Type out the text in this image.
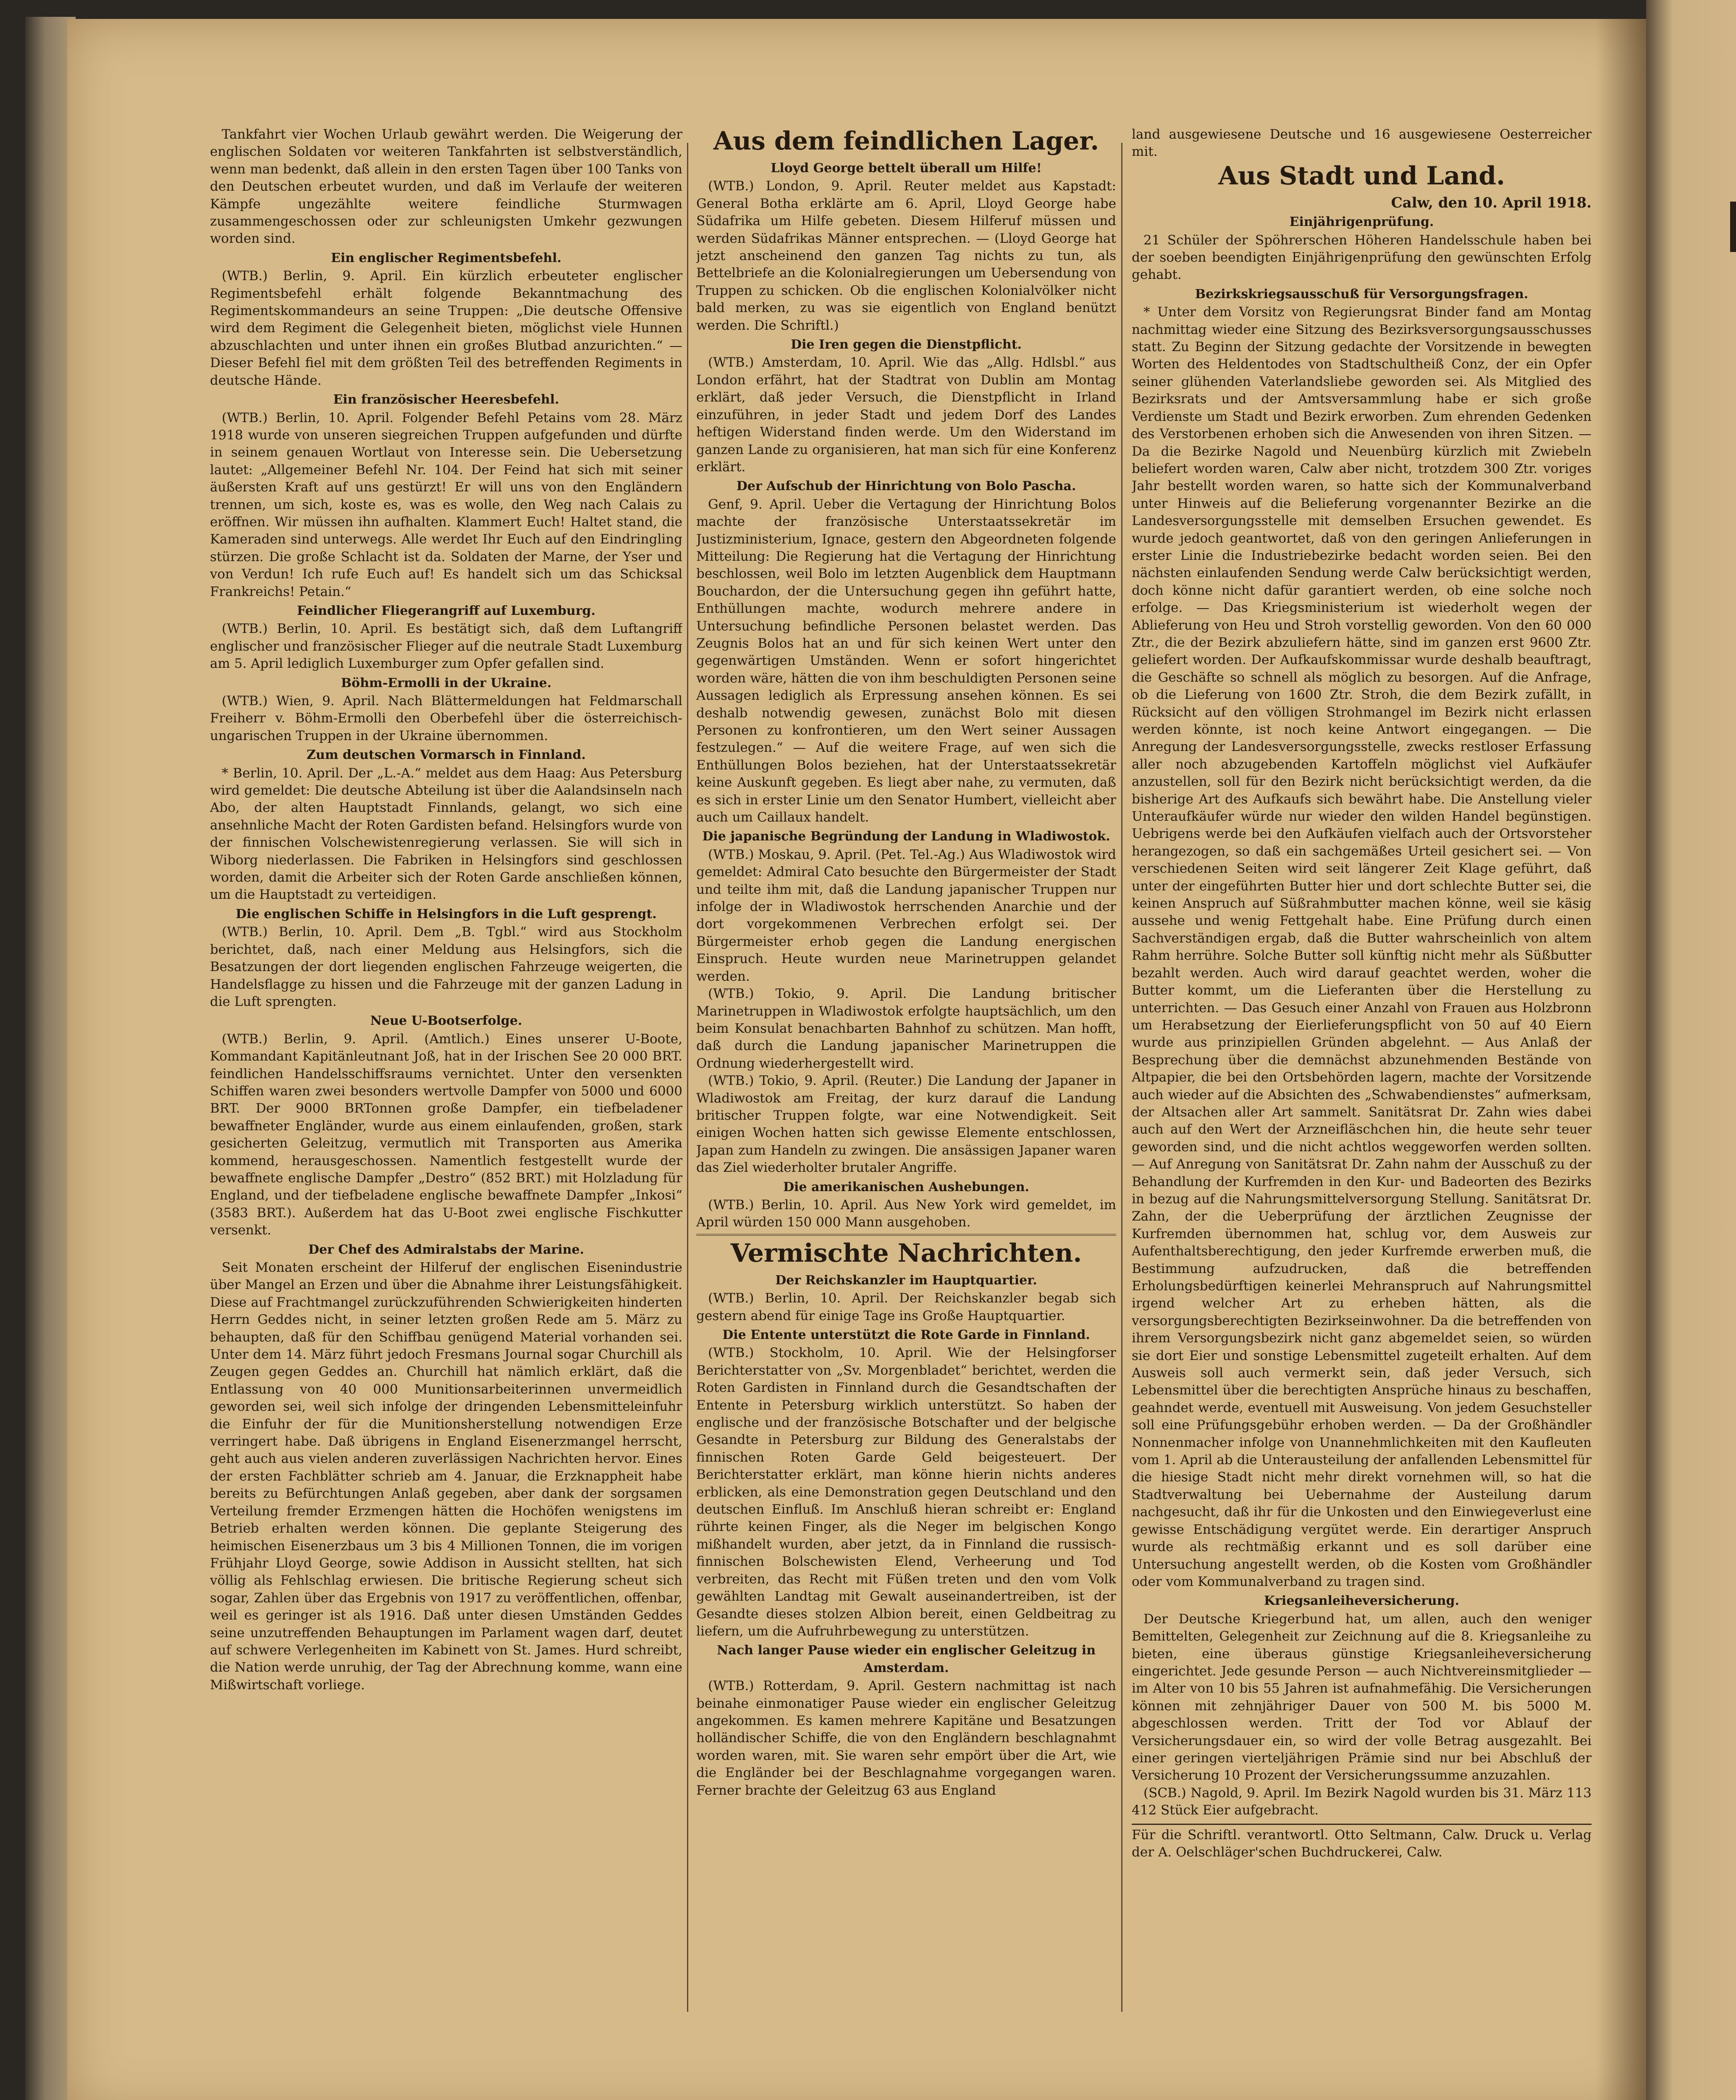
Tankfahrt vier Wochen Urlaub gewährt werden. Die Weigerung der englischen Soldaten vor weiteren Tankfahrten ist selbstverständlich, wenn man bedenkt, daß allein in den ersten Tagen über 100 Tanks von den Deutschen erbeutet wurden, und daß im Verlaufe der weiteren Kämpfe ungezählte weitere feindliche Sturmwagen zusammengeschossen oder zur schleunigsten Umkehr gezwungen worden sind.

Ein englischer Regimentsbefehl.

(WTB.) Berlin, 9. April. Ein kürzlich erbeuteter englischer Regimentsbefehl erhält folgende Bekanntmachung des Regimentskommandeurs an seine Truppen: „Die deutsche Offensive wird dem Regiment die Gelegenheit bieten, möglichst viele Hunnen abzuschlachten und unter ihnen ein großes Blutbad anzurichten.“ — Dieser Befehl fiel mit dem größten Teil des betreffenden Regiments in deutsche Hände.

Ein französischer Heeresbefehl.

(WTB.) Berlin, 10. April. Folgender Befehl Petains vom 28. März 1918 wurde von unseren siegreichen Truppen aufgefunden und dürfte in seinem genauen Wortlaut von Interesse sein. Die Uebersetzung lautet: „Allgemeiner Befehl Nr. 104. Der Feind hat sich mit seiner äußersten Kraft auf uns gestürzt! Er will uns von den Engländern trennen, um sich, koste es, was es wolle, den Weg nach Calais zu eröffnen. Wir müssen ihn aufhalten. Klammert Euch! Haltet stand, die Kameraden sind unterwegs. Alle werdet Ihr Euch auf den Eindringling stürzen. Die große Schlacht ist da. Soldaten der Marne, der Yser und von Verdun! Ich rufe Euch auf! Es handelt sich um das Schicksal Frankreichs! Petain.“

Feindlicher Fliegerangriff auf Luxemburg.

(WTB.) Berlin, 10. April. Es bestätigt sich, daß dem Luftangriff englischer und französischer Flieger auf die neutrale Stadt Luxemburg am 5. April lediglich Luxemburger zum Opfer gefallen sind.

Böhm-Ermolli in der Ukraine.

(WTB.) Wien, 9. April. Nach Blättermeldungen hat Feldmarschall Freiherr v. Böhm-Ermolli den Oberbefehl über die österreichisch-ungarischen Truppen in der Ukraine übernommen.

Zum deutschen Vormarsch in Finnland.

* Berlin, 10. April. Der „L.-A.“ meldet aus dem Haag: Aus Petersburg wird gemeldet: Die deutsche Abteilung ist über die Aalandsinseln nach Abo, der alten Hauptstadt Finnlands, gelangt, wo sich eine ansehnliche Macht der Roten Gardisten befand. Helsingfors wurde von der finnischen Volschewistenregierung verlassen. Sie will sich in Wiborg niederlassen. Die Fabriken in Helsingfors sind geschlossen worden, damit die Arbeiter sich der Roten Garde anschließen können, um die Hauptstadt zu verteidigen.

Die englischen Schiffe in Helsingfors in die Luft gesprengt.

(WTB.) Berlin, 10. April. Dem „B. Tgbl.“ wird aus Stockholm berichtet, daß, nach einer Meldung aus Helsingfors, sich die Besatzungen der dort liegenden englischen Fahrzeuge weigerten, die Handelsflagge zu hissen und die Fahrzeuge mit der ganzen Ladung in die Luft sprengten.

Neue U-Bootserfolge.

(WTB.) Berlin, 9. April. (Amtlich.) Eines unserer U-Boote, Kommandant Kapitänleutnant Joß, hat in der Irischen See 20 000 BRT. feindlichen Handelsschiffsraums vernichtet. Unter den versenkten Schiffen waren zwei besonders wertvolle Dampfer von 5000 und 6000 BRT. Der 9000 BRTonnen große Dampfer, ein tiefbeladener bewaffneter Engländer, wurde aus einem einlaufenden, großen, stark gesicherten Geleitzug, vermutlich mit Transporten aus Amerika kommend, herausgeschossen. Namentlich festgestellt wurde der bewaffnete englische Dampfer „Destro“ (852 BRT.) mit Holzladung für England, und der tiefbeladene englische bewaffnete Dampfer „Inkosi“ (3583 BRT.). Außerdem hat das U-Boot zwei englische Fischkutter versenkt.

Der Chef des Admiralstabs der Marine.

Seit Monaten erscheint der Hilferuf der englischen Eisenindustrie über Mangel an Erzen und über die Abnahme ihrer Leistungsfähigkeit. Diese auf Frachtmangel zurückzuführenden Schwierigkeiten hinderten Herrn Geddes nicht, in seiner letzten großen Rede am 5. März zu behaupten, daß für den Schiffbau genügend Material vorhanden sei. Unter dem 14. März führt jedoch Fresmans Journal sogar Churchill als Zeugen gegen Geddes an. Churchill hat nämlich erklärt, daß die Entlassung von 40 000 Munitionsarbeiterinnen unvermeidlich geworden sei, weil sich infolge der dringenden Lebensmitteleinfuhr die Einfuhr der für die Munitionsherstellung notwendigen Erze verringert habe. Daß übrigens in England Eisenerzmangel herrscht, geht auch aus vielen anderen zuverlässigen Nachrichten hervor. Eines der ersten Fachblätter schrieb am 4. Januar, die Erzknappheit habe bereits zu Befürchtungen Anlaß gegeben, aber dank der sorgsamen Verteilung fremder Erzmengen hätten die Hochöfen wenigstens im Betrieb erhalten werden können. Die geplante Steigerung des heimischen Eisenerzbaus um 3 bis 4 Millionen Tonnen, die im vorigen Frühjahr Lloyd George, sowie Addison in Aussicht stellten, hat sich völlig als Fehlschlag erwiesen. Die britische Regierung scheut sich sogar, Zahlen über das Ergebnis von 1917 zu veröffentlichen, offenbar, weil es geringer ist als 1916. Daß unter diesen Umständen Geddes seine unzutreffenden Behauptungen im Parlament wagen darf, deutet auf schwere Verlegenheiten im Kabinett von St. James. Hurd schreibt, die Nation werde unruhig, der Tag der Abrechnung komme, wann eine Mißwirtschaft vorliege.

Aus dem feindlichen Lager.
Lloyd George bettelt überall um Hilfe!

(WTB.) London, 9. April. Reuter meldet aus Kapstadt: General Botha erklärte am 6. April, Lloyd George habe Südafrika um Hilfe gebeten. Diesem Hilferuf müssen und werden Südafrikas Männer entsprechen. — (Lloyd George hat jetzt anscheinend den ganzen Tag nichts zu tun, als Bettelbriefe an die Kolonialregierungen um Uebersendung von Truppen zu schicken. Ob die englischen Kolonialvölker nicht bald merken, zu was sie eigentlich von England benützt werden. Die Schriftl.)

Die Iren gegen die Dienstpflicht.

(WTB.) Amsterdam, 10. April. Wie das „Allg. Hdlsbl.“ aus London erfährt, hat der Stadtrat von Dublin am Montag erklärt, daß jeder Versuch, die Dienstpflicht in Irland einzuführen, in jeder Stadt und jedem Dorf des Landes heftigen Widerstand finden werde. Um den Widerstand im ganzen Lande zu organisieren, hat man sich für eine Konferenz erklärt.

Der Aufschub der Hinrichtung von Bolo Pascha.

Genf, 9. April. Ueber die Vertagung der Hinrichtung Bolos machte der französische Unterstaatssekretär im Justizministerium, Ignace, gestern den Abgeordneten folgende Mitteilung: Die Regierung hat die Vertagung der Hinrichtung beschlossen, weil Bolo im letzten Augenblick dem Hauptmann Bouchardon, der die Untersuchung gegen ihn geführt hatte, Enthüllungen machte, wodurch mehrere andere in Untersuchung befindliche Personen belastet werden. Das Zeugnis Bolos hat an und für sich keinen Wert unter den gegenwärtigen Umständen. Wenn er sofort hingerichtet worden wäre, hätten die von ihm beschuldigten Personen seine Aussagen lediglich als Erpressung ansehen können. Es sei deshalb notwendig gewesen, zunächst Bolo mit diesen Personen zu konfrontieren, um den Wert seiner Aussagen festzulegen.“ — Auf die weitere Frage, auf wen sich die Enthüllungen Bolos beziehen, hat der Unterstaatssekretär keine Auskunft gegeben. Es liegt aber nahe, zu vermuten, daß es sich in erster Linie um den Senator Humbert, vielleicht aber auch um Caillaux handelt.

Die japanische Begründung der Landung in Wladiwostok.

(WTB.) Moskau, 9. April. (Pet. Tel.-Ag.) Aus Wladiwostok wird gemeldet: Admiral Cato besuchte den Bürgermeister der Stadt und teilte ihm mit, daß die Landung japanischer Truppen nur infolge der in Wladiwostok herrschenden Anarchie und der dort vorgekommenen Verbrechen erfolgt sei. Der Bürgermeister erhob gegen die Landung energischen Einspruch. Heute wurden neue Marinetruppen gelandet werden.

(WTB.) Tokio, 9. April. Die Landung britischer Marinetruppen in Wladiwostok erfolgte hauptsächlich, um den beim Konsulat benachbarten Bahnhof zu schützen. Man hofft, daß durch die Landung japanischer Marinetruppen die Ordnung wiederhergestellt wird.

(WTB.) Tokio, 9. April. (Reuter.) Die Landung der Japaner in Wladiwostok am Freitag, der kurz darauf die Landung britischer Truppen folgte, war eine Notwendigkeit. Seit einigen Wochen hatten sich gewisse Elemente entschlossen, Japan zum Handeln zu zwingen. Die ansässigen Japaner waren das Ziel wiederholter brutaler Angriffe.

Die amerikanischen Aushebungen.

(WTB.) Berlin, 10. April. Aus New York wird gemeldet, im April würden 150 000 Mann ausgehoben.

Vermischte Nachrichten.
Der Reichskanzler im Hauptquartier.

(WTB.) Berlin, 10. April. Der Reichskanzler begab sich gestern abend für einige Tage ins Große Hauptquartier.

Die Entente unterstützt die Rote Garde in Finnland.

(WTB.) Stockholm, 10. April. Wie der Helsingforser Berichterstatter von „Sv. Morgenbladet“ berichtet, werden die Roten Gardisten in Finnland durch die Gesandtschaften der Entente in Petersburg wirklich unterstützt. So haben der englische und der französische Botschafter und der belgische Gesandte in Petersburg zur Bildung des Generalstabs der finnischen Roten Garde Geld beigesteuert. Der Berichterstatter erklärt, man könne hierin nichts anderes erblicken, als eine Demonstration gegen Deutschland und den deutschen Einfluß. Im Anschluß hieran schreibt er: England rührte keinen Finger, als die Neger im belgischen Kongo mißhandelt wurden, aber jetzt, da in Finnland die russisch-finnischen Bolschewisten Elend, Verheerung und Tod verbreiten, das Recht mit Füßen treten und den vom Volk gewählten Landtag mit Gewalt auseinandertreiben, ist der Gesandte dieses stolzen Albion bereit, einen Geldbeitrag zu liefern, um die Aufruhrbewegung zu unterstützen.

Nach langer Pause wieder ein englischer Geleitzug in Amsterdam.

(WTB.) Rotterdam, 9. April. Gestern nachmittag ist nach beinahe einmonatiger Pause wieder ein englischer Geleitzug angekommen. Es kamen mehrere Kapitäne und Besatzungen holländischer Schiffe, die von den Engländern beschlagnahmt worden waren, mit. Sie waren sehr empört über die Art, wie die Engländer bei der Beschlagnahme vorgegangen waren. Ferner brachte der Geleitzug 63 aus England

land ausgewiesene Deutsche und 16 ausgewiesene Oesterreicher mit.

Aus Stadt und Land.
Calw, den 10. April 1918.
Einjährigenprüfung.

21 Schüler der Spöhrerschen Höheren Handelsschule haben bei der soeben beendigten Einjährigenprüfung den gewünschten Erfolg gehabt.

Bezirkskriegsausschuß für Versorgungsfragen.

* Unter dem Vorsitz von Regierungsrat Binder fand am Montag nachmittag wieder eine Sitzung des Bezirksversorgungsausschusses statt. Zu Beginn der Sitzung gedachte der Vorsitzende in bewegten Worten des Heldentodes von Stadtschultheiß Conz, der ein Opfer seiner glühenden Vaterlandsliebe geworden sei. Als Mitglied des Bezirksrats und der Amtsversammlung habe er sich große Verdienste um Stadt und Bezirk erworben. Zum ehrenden Gedenken des Verstorbenen erhoben sich die Anwesenden von ihren Sitzen. — Da die Bezirke Nagold und Neuenbürg kürzlich mit Zwiebeln beliefert worden waren, Calw aber nicht, trotzdem 300 Ztr. voriges Jahr bestellt worden waren, so hatte sich der Kommunalverband unter Hinweis auf die Belieferung vorgenannter Bezirke an die Landesversorgungsstelle mit demselben Ersuchen gewendet. Es wurde jedoch geantwortet, daß von den geringen Anlieferungen in erster Linie die Industriebezirke bedacht worden seien. Bei den nächsten einlaufenden Sendung werde Calw berücksichtigt werden, doch könne nicht dafür garantiert werden, ob eine solche noch erfolge. — Das Kriegsministerium ist wiederholt wegen der Ablieferung von Heu und Stroh vorstellig geworden. Von den 60 000 Ztr., die der Bezirk abzuliefern hätte, sind im ganzen erst 9600 Ztr. geliefert worden. Der Aufkaufskommissar wurde deshalb beauftragt, die Geschäfte so schnell als möglich zu besorgen. Auf die Anfrage, ob die Lieferung von 1600 Ztr. Stroh, die dem Bezirk zufällt, in Rücksicht auf den völligen Strohmangel im Bezirk nicht erlassen werden könnte, ist noch keine Antwort eingegangen. — Die Anregung der Landesversorgungsstelle, zwecks restloser Erfassung aller noch abzugebenden Kartoffeln möglichst viel Aufkäufer anzustellen, soll für den Bezirk nicht berücksichtigt werden, da die bisherige Art des Aufkaufs sich bewährt habe. Die Anstellung vieler Unteraufkäufer würde nur wieder den wilden Handel begünstigen. Uebrigens werde bei den Aufkäufen vielfach auch der Ortsvorsteher herangezogen, so daß ein sachgemäßes Urteil gesichert sei. — Von verschiedenen Seiten wird seit längerer Zeit Klage geführt, daß unter der eingeführten Butter hier und dort schlechte Butter sei, die keinen Anspruch auf Süßrahmbutter machen könne, weil sie käsig aussehe und wenig Fettgehalt habe. Eine Prüfung durch einen Sachverständigen ergab, daß die Butter wahrscheinlich von altem Rahm herrühre. Solche Butter soll künftig nicht mehr als Süßbutter bezahlt werden. Auch wird darauf geachtet werden, woher die Butter kommt, um die Lieferanten über die Herstellung zu unterrichten. — Das Gesuch einer Anzahl von Frauen aus Holzbronn um Herabsetzung der Eierlieferungspflicht von 50 auf 40 Eiern wurde aus prinzipiellen Gründen abgelehnt. — Aus Anlaß der Besprechung über die demnächst abzunehmenden Bestände von Altpapier, die bei den Ortsbehörden lagern, machte der Vorsitzende auch wieder auf die Absichten des „Schwabendienstes“ aufmerksam, der Altsachen aller Art sammelt. Sanitätsrat Dr. Zahn wies dabei auch auf den Wert der Arzneifläschchen hin, die heute sehr teuer geworden sind, und die nicht achtlos weggeworfen werden sollten. — Auf Anregung von Sanitätsrat Dr. Zahn nahm der Ausschuß zu der Behandlung der Kurfremden in den Kur- und Badeorten des Bezirks in bezug auf die Nahrungsmittelversorgung Stellung. Sanitätsrat Dr. Zahn, der die Ueberprüfung der ärztlichen Zeugnisse der Kurfremden übernommen hat, schlug vor, dem Ausweis zur Aufenthaltsberechtigung, den jeder Kurfremde erwerben muß, die Bestimmung aufzudrucken, daß die betreffenden Erholungsbedürftigen keinerlei Mehranspruch auf Nahrungsmittel irgend welcher Art zu erheben hätten, als die versorgungsberechtigten Bezirkseinwohner. Da die betreffenden von ihrem Versorgungsbezirk nicht ganz abgemeldet seien, so würden sie dort Eier und sonstige Lebensmittel zugeteilt erhalten. Auf dem Ausweis soll auch vermerkt sein, daß jeder Versuch, sich Lebensmittel über die berechtigten Ansprüche hinaus zu beschaffen, geahndet werde, eventuell mit Ausweisung. Von jedem Gesuchsteller soll eine Prüfungsgebühr erhoben werden. — Da der Großhändler Nonnenmacher infolge von Unannehmlichkeiten mit den Kaufleuten vom 1. April ab die Unterausteilung der anfallenden Lebensmittel für die hiesige Stadt nicht mehr direkt vornehmen will, so hat die Stadtverwaltung bei Uebernahme der Austeilung darum nachgesucht, daß ihr für die Unkosten und den Einwiegeverlust eine gewisse Entschädigung vergütet werde. Ein derartiger Anspruch wurde als rechtmäßig erkannt und es soll darüber eine Untersuchung angestellt werden, ob die Kosten vom Großhändler oder vom Kommunalverband zu tragen sind.

Kriegsanleiheversicherung.

Der Deutsche Kriegerbund hat, um allen, auch den weniger Bemittelten, Gelegenheit zur Zeichnung auf die 8. Kriegsanleihe zu bieten, eine überaus günstige Kriegsanleiheversicherung eingerichtet. Jede gesunde Person — auch Nichtvereinsmitglieder — im Alter von 10 bis 55 Jahren ist aufnahmefähig. Die Versicherungen können mit zehnjähriger Dauer von 500 M. bis 5000 M. abgeschlossen werden. Tritt der Tod vor Ablauf der Versicherungsdauer ein, so wird der volle Betrag ausgezahlt. Bei einer geringen vierteljährigen Prämie sind nur bei Abschluß der Versicherung 10 Prozent der Versicherungssumme anzuzahlen.

(SCB.) Nagold, 9. April. Im Bezirk Nagold wurden bis 31. März 113 412 Stück Eier aufgebracht.

Für die Schriftl. verantwortl. Otto Seltmann, Calw. Druck u. Verlag der A. Oelschläger'schen Buchdruckerei, Calw.
